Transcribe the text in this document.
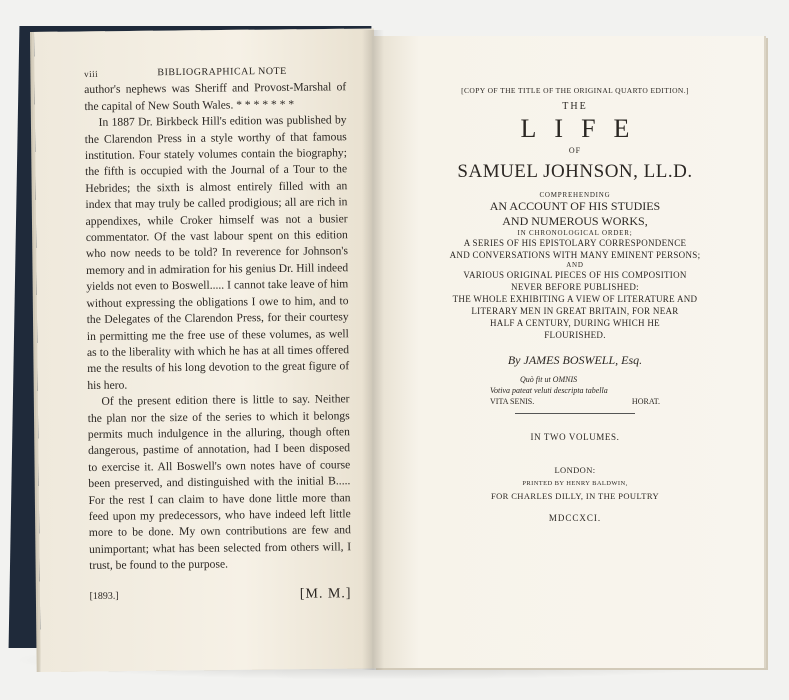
viii	BIBLIOGRAPHICAL NOTE

author's nephews was Sheriff and Provost-Marshal of the capital of New South Wales. * * * * * * *

In 1887 Dr. Birkbeck Hill's edition was published by the Clarendon Press in a style worthy of that famous institution. Four stately volumes contain the biography; the fifth is occupied with the Journal of a Tour to the Hebrides; the sixth is almost entirely filled with an index that may truly be called prodigious; all are rich in appendixes, while Croker himself was not a busier commentator. Of the vast labour spent on this edition who now needs to be told? In reverence for Johnson's memory and in admiration for his genius Dr. Hill indeed yields not even to Boswell..... I cannot take leave of him without expressing the obligations I owe to him, and to the Delegates of the Clarendon Press, for their courtesy in permitting me the free use of these volumes, as well as to the liberality with which he has at all times offered me the results of his long devotion to the great figure of his hero.

Of the present edition there is little to say. Neither the plan nor the size of the series to which it belongs permits much indulgence in the alluring, though often dangerous, pastime of annotation, had I been disposed to exercise it. All Boswell's own notes have of course been preserved, and distinguished with the initial B..... For the rest I can claim to have done little more than feed upon my predecessors, who have indeed left little more to be done. My own contributions are few and unimportant; what has been selected from others will, I trust, be found to the purpose.

[1893.]	[M. M.]
[COPY OF THE TITLE OF THE ORIGINAL QUARTO EDITION.]
THE
LIFE
OF
SAMUEL JOHNSON, LL.D.
COMPREHENDING
AN ACCOUNT OF HIS STUDIES
AND NUMEROUS WORKS,
IN CHRONOLOGICAL ORDER;
A SERIES OF HIS EPISTOLARY CORRESPONDENCE
AND CONVERSATIONS WITH MANY EMINENT PERSONS;
AND
VARIOUS ORIGINAL PIECES OF HIS COMPOSITION
NEVER BEFORE PUBLISHED:
THE WHOLE EXHIBITING A VIEW OF LITERATURE AND
LITERARY MEN IN GREAT BRITAIN, FOR NEAR
HALF A CENTURY, DURING WHICH HE
FLOURISHED.
By JAMES BOSWELL, Esq.
Quò fit ut OMNIS
Votiva pateat veluti descripta tabella
VITA SENIS.	HORAT.
IN TWO VOLUMES.
LONDON:
PRINTED BY HENRY BALDWIN,
FOR CHARLES DILLY, IN THE POULTRY
MDCCXCI.
